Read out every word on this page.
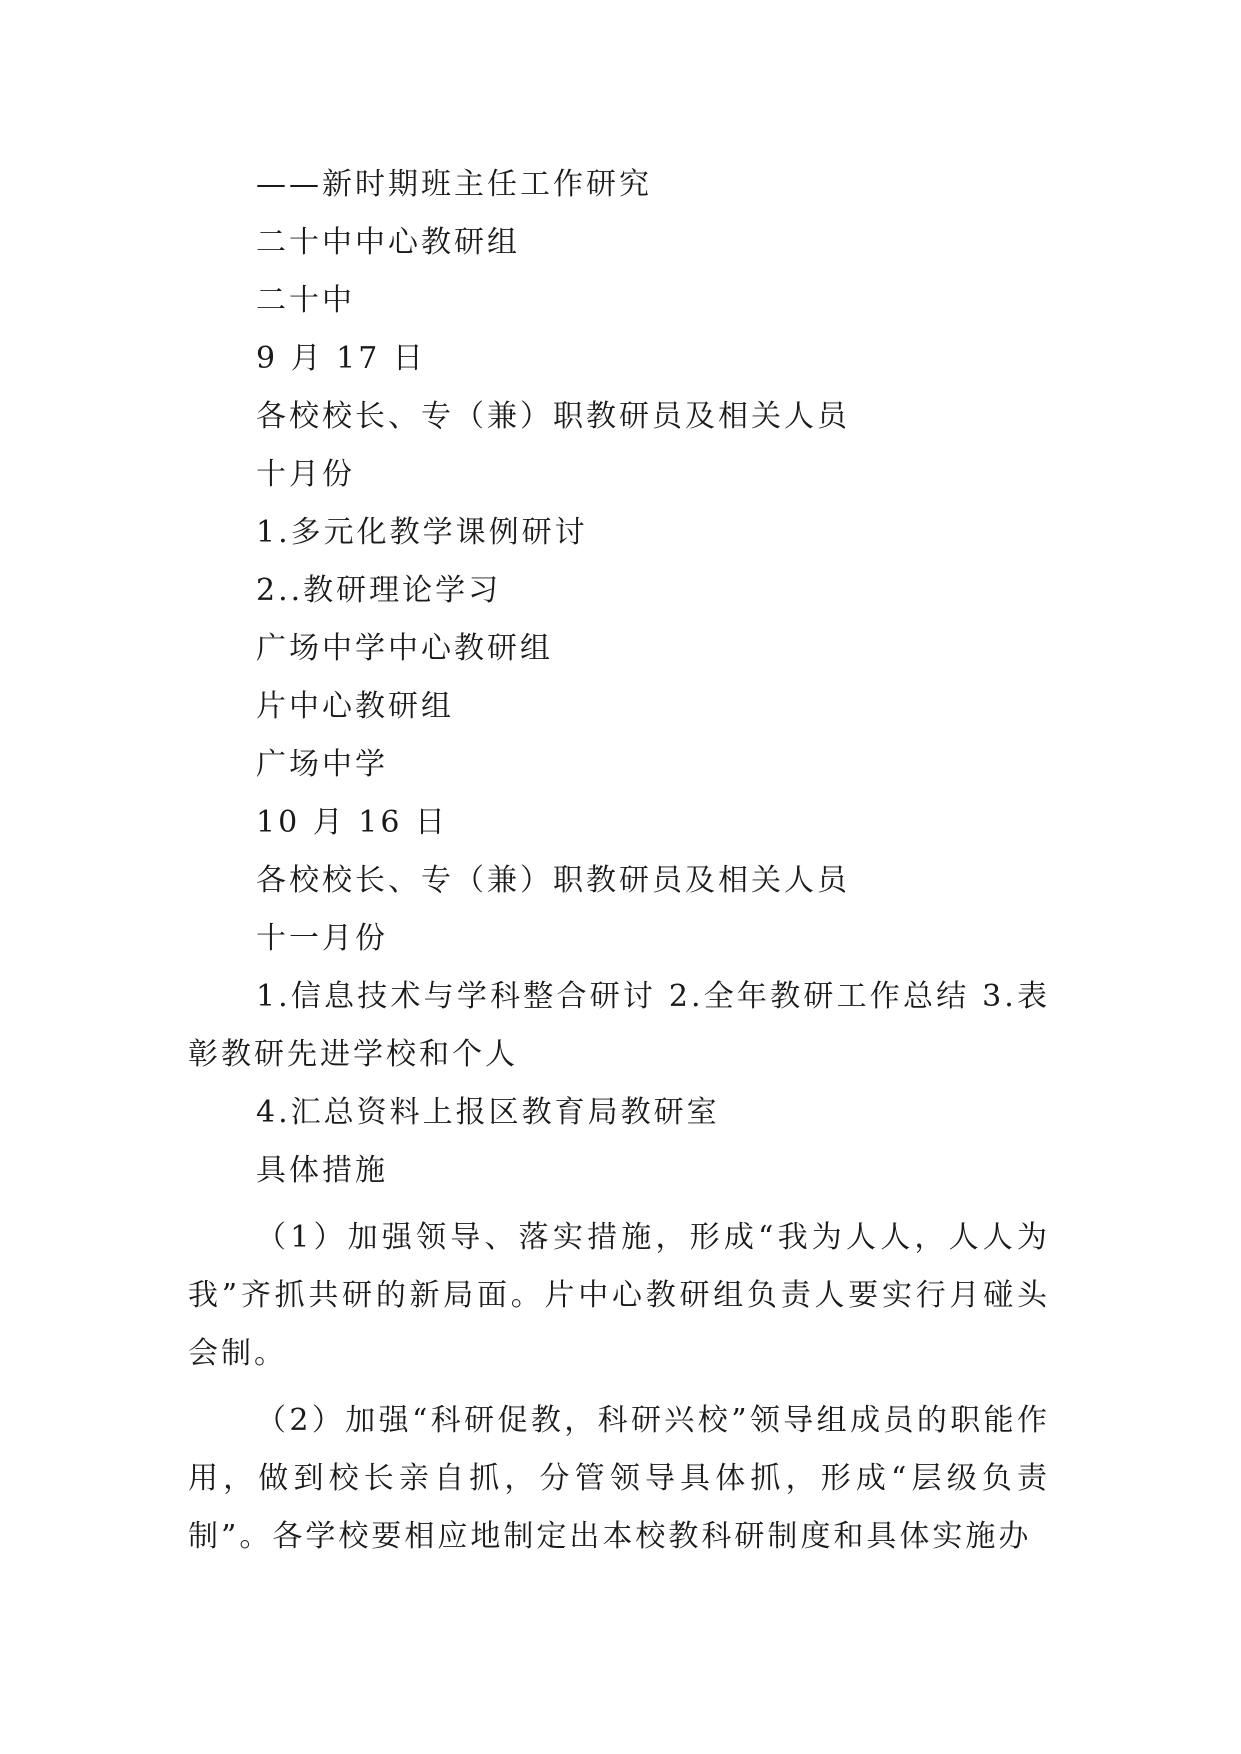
——新时期班主任工作研究
二十中中心教研组
二十中
9 月 17 日
各校校长、专（兼）职教研员及相关人员
十月份
1.多元化教学课例研讨
2..教研理论学习
广场中学中心教研组
片中心教研组
广场中学
10 月 16 日
各校校长、专（兼）职教研员及相关人员
十一月份

1.信息技术与学科整合研讨 2.全年教研工作总结 3.表彰教研先进学校和个人

4.汇总资料上报区教育局教研室
具体措施

（1）加强领导、落实措施，形成“我为人人，人人为我”齐抓共研的新局面。片中心教研组负责人要实行月碰头会制。

（2）加强“科研促教，科研兴校”领导组成员的职能作用，做到校长亲自抓，分管领导具体抓，形成“层级负责制”。各学校要相应地制定出本校教科研制度和具体实施办
